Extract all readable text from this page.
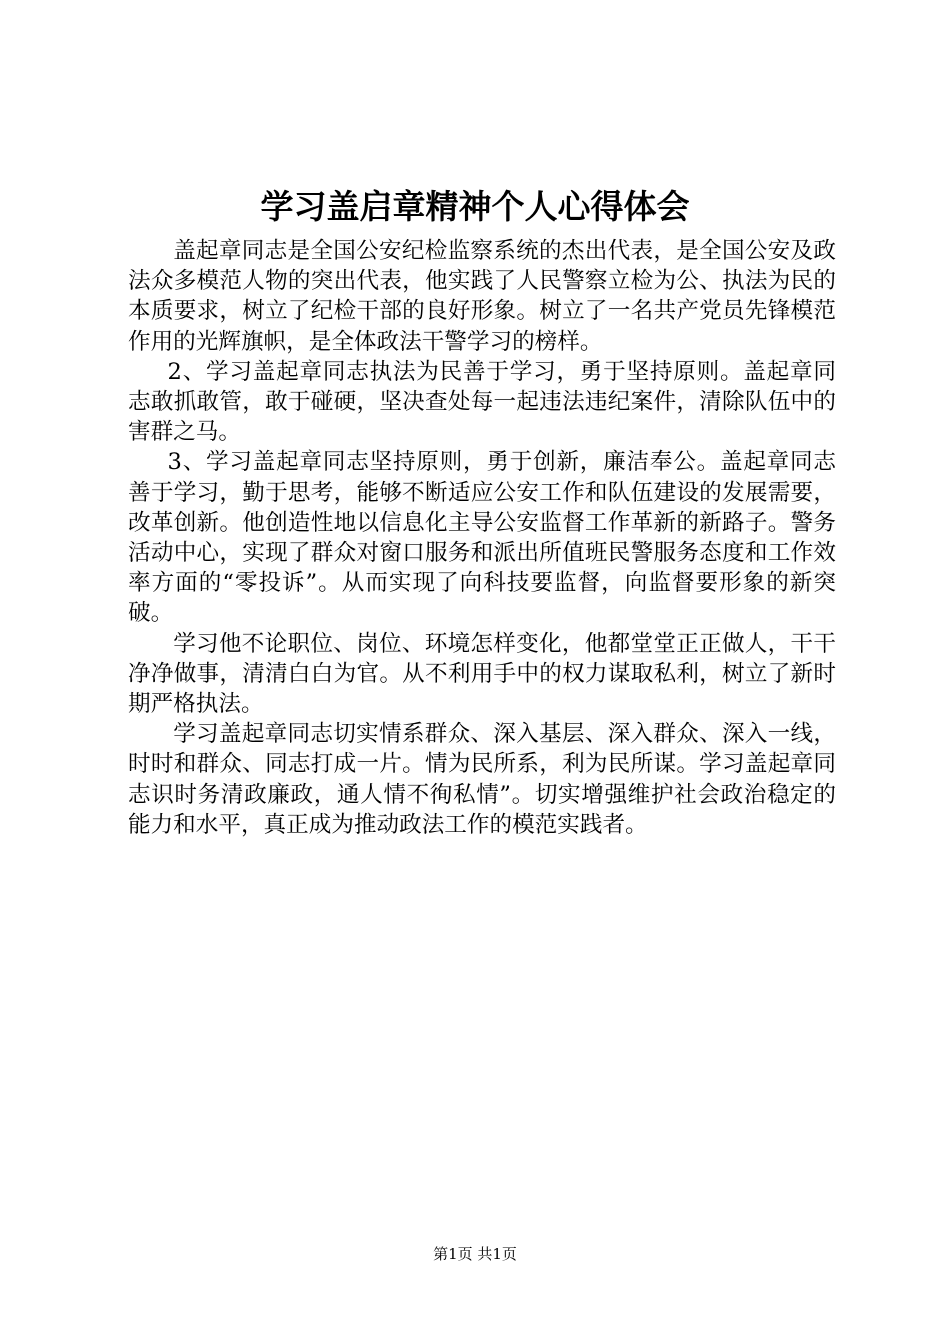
学习盖启章精神个人心得体会

盖起章同志是全国公安纪检监察系统的杰出代表，是全国公安及政法众多模范人物的突出代表，他实践了人民警察立检为公、执法为民的本质要求，树立了纪检干部的良好形象。树立了一名共产党员先锋模范作用的光辉旗帜，是全体政法干警学习的榜样。

2、学习盖起章同志执法为民善于学习，勇于坚持原则。盖起章同志敢抓敢管，敢于碰硬，坚决查处每一起违法违纪案件，清除队伍中的害群之马。

3、学习盖起章同志坚持原则，勇于创新，廉洁奉公。盖起章同志善于学习，勤于思考，能够不断适应公安工作和队伍建设的发展需要，改革创新。他创造性地以信息化主导公安监督工作革新的新路子。警务活动中心，实现了群众对窗口服务和派出所值班民警服务态度和工作效率方面的“零投诉”。从而实现了向科技要监督，向监督要形象的新突破。

学习他不论职位、岗位、环境怎样变化，他都堂堂正正做人，干干净净做事，清清白白为官。从不利用手中的权力谋取私利，树立了新时期严格执法。

学习盖起章同志切实情系群众、深入基层、深入群众、深入一线，时时和群众、同志打成一片。情为民所系，利为民所谋。学习盖起章同志识时务清政廉政，通人情不徇私情”。切实增强维护社会政治稳定的能力和水平，真正成为推动政法工作的模范实践者。

第1页 共1页
